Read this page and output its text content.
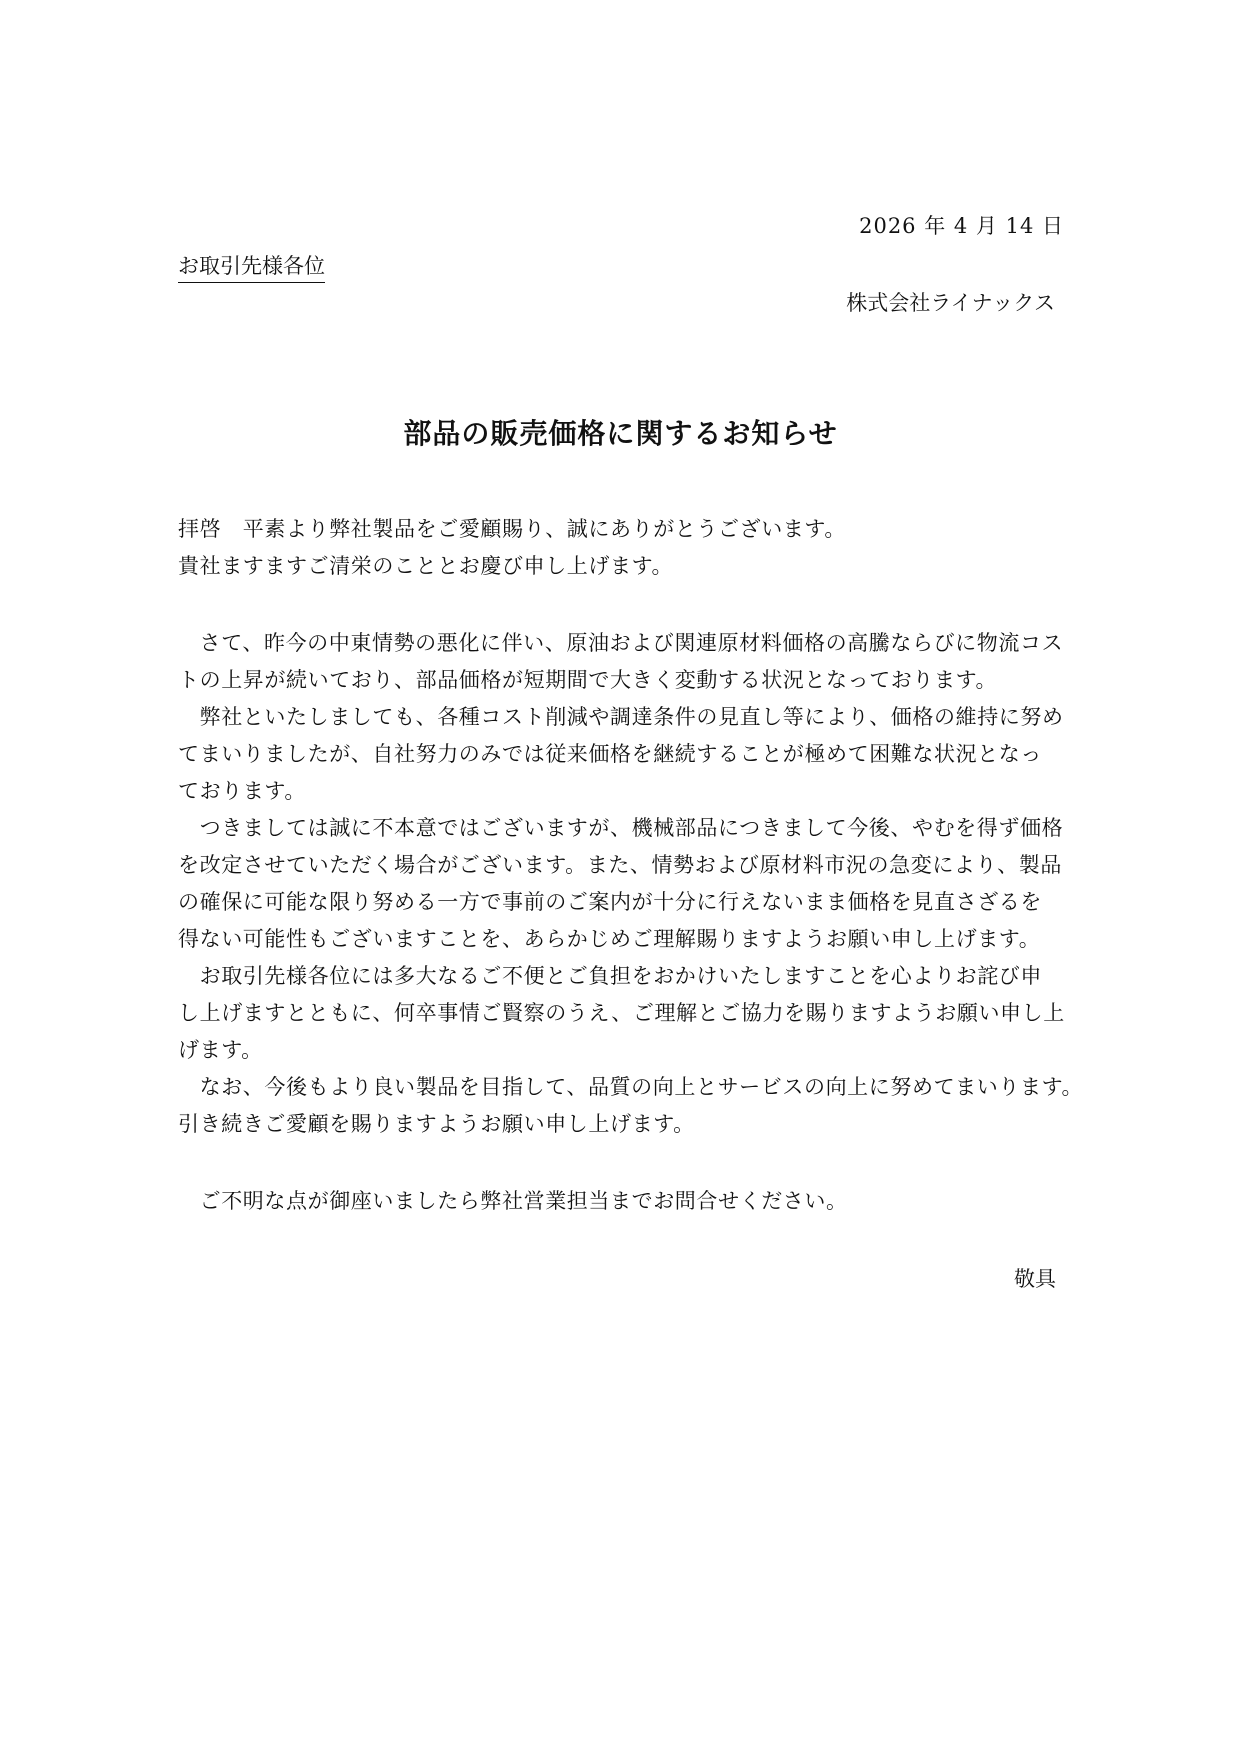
2026 年 4 月 14 日
お取引先様各位
株式会社ライナックス
部品の販売価格に関するお知らせ
拝啓　平素より弊社製品をご愛顧賜り、誠にありがとうございます。
貴社ますますご清栄のこととお慶び申し上げます。
　さて、昨今の中東情勢の悪化に伴い、原油および関連原材料価格の高騰ならびに物流コス
トの上昇が続いており、部品価格が短期間で大きく変動する状況となっております。
　弊社といたしましても、各種コスト削減や調達条件の見直し等により、価格の維持に努め
てまいりましたが、自社努力のみでは従来価格を継続することが極めて困難な状況となっ
ております。
　つきましては誠に不本意ではございますが、機械部品につきまして今後、やむを得ず価格
を改定させていただく場合がございます。また、情勢および原材料市況の急変により、製品
の確保に可能な限り努める一方で事前のご案内が十分に行えないまま価格を見直さざるを
得ない可能性もございますことを、あらかじめご理解賜りますようお願い申し上げます。
　お取引先様各位には多大なるご不便とご負担をおかけいたしますことを心よりお詫び申
し上げますとともに、何卒事情ご賢察のうえ、ご理解とご協力を賜りますようお願い申し上
げます。
　なお、今後もより良い製品を目指して、品質の向上とサービスの向上に努めてまいります。
引き続きご愛顧を賜りますようお願い申し上げます。
　ご不明な点が御座いましたら弊社営業担当までお問合せください。
敬具
